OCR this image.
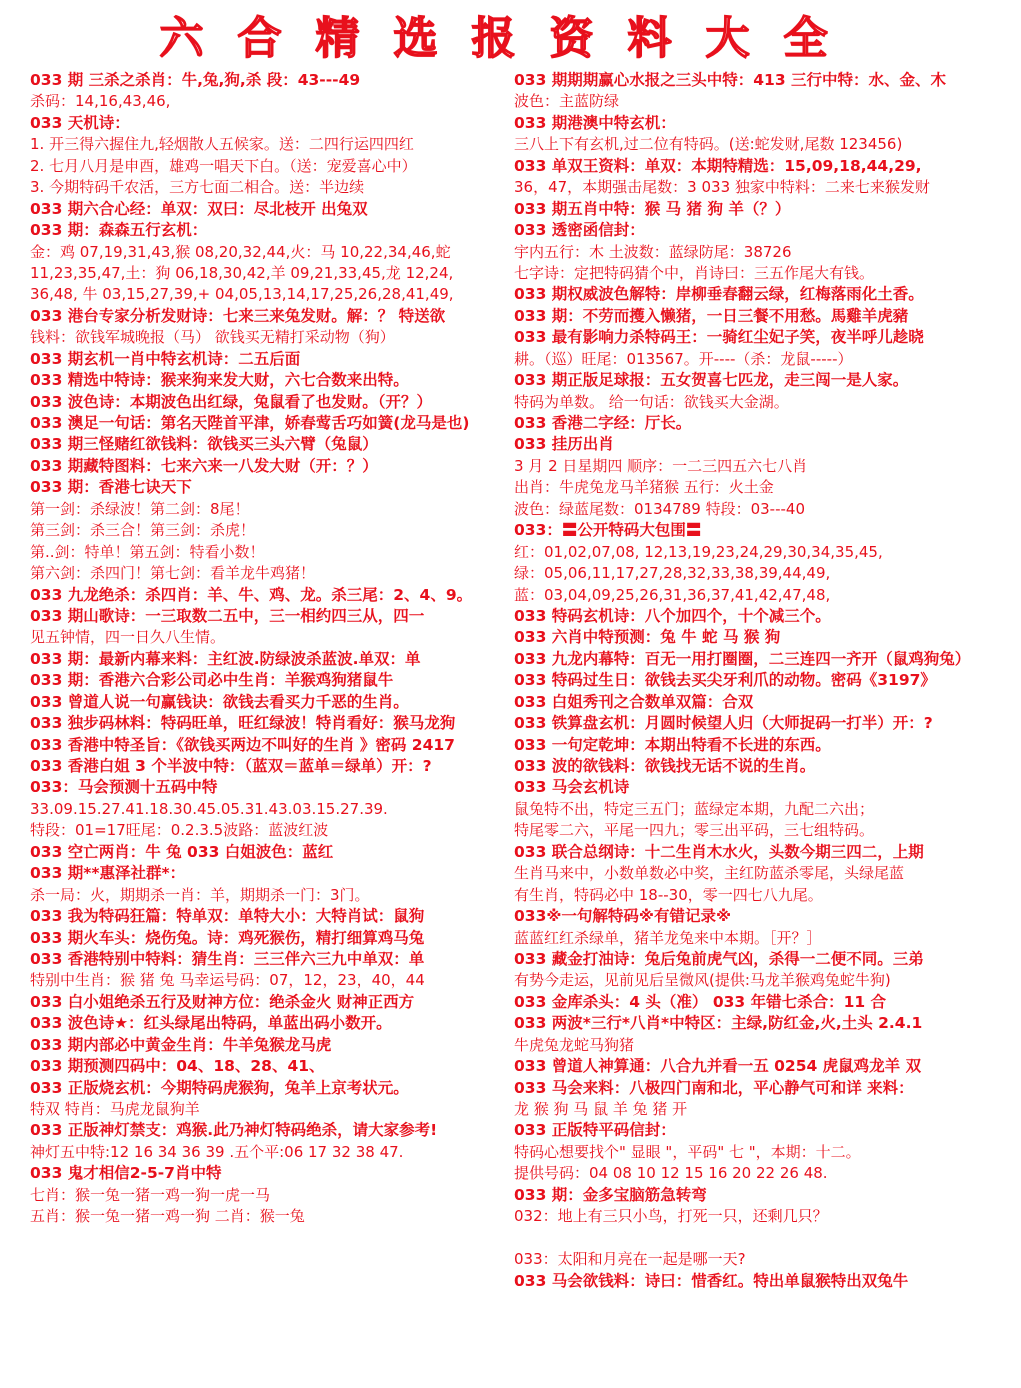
六合精选报资料大全
033 期 三杀之杀肖：牛,兔,狗,杀 段：43---49
杀码：14,16,43,46,
033 天机诗：
1. 开三得六握住九,轻烟散人五候家。送：二四行运四四红
2. 七月八月是申酉，雄鸡一唱天下白。（送：宠爱喜心中）
3. 今期特码千农活，三方七面二相合。送：半边续
033 期六合心经：单双：双曰：尽北枝开 出兔双
033 期：森森五行玄机：
金：鸡 07,19,31,43,猴 08,20,32,44,火：马 10,22,34,46,蛇
11,23,35,47,土：狗 06,18,30,42,羊 09,21,33,45,龙 12,24,
36,48, 牛 03,15,27,39,+ 04,05,13,14,17,25,26,28,41,49,
033 港台专家分析发财诗：七来三来兔发财。解：？ 特送欲
钱料：欲钱军城晚报（马） 欲钱买无精打采动物（狗）
033 期玄机一肖中特玄机诗：二五后面
033 精选中特诗：猴来狗来发大财，六七合数来出特。
033 波色诗：本期波色出红绿，兔鼠看了也发财。（开？）
033 澳足一句话：第名天陛首平津，娇春莺舌巧如簧(龙马是也)
033 期三怪赌红欲钱料：欲钱买三头六臂（兔鼠）
033 期藏特图料：七来六来一八发大财（开：？）
033 期：香港七诀天下
第一剑：杀绿波！第二剑：8尾！
第三剑：杀三合！第三剑：杀虎！
第..剑：特单！第五剑：特看小数！
第六剑：杀四门！第七剑：看羊龙牛鸡猪！
033 九龙绝杀：杀四肖：羊、牛、鸡、龙。杀三尾：2、4、9。
033 期山歌诗：一三取数二五中，三一相约四三从，四一
见五钟情，四一日久八生情。
033 期：最新内幕来料：主红波.防绿波杀蓝波.单双：单
033 期：香港六合彩公司必中生肖：羊猴鸡狗猪鼠牛
033 曾道人说一句赢钱诀：欲钱去看买力千恶的生肖。
033 独步码林料：特码旺单，旺红绿波！特肖看好：猴马龙狗
033 香港中特圣旨：《欲钱买两边不叫好的生肖 》密码 2417
033 香港白姐 3 个半波中特：（蓝双＝蓝单＝绿单）开：?
033：马会预测十五码中特
33.09.15.27.41.18.30.45.05.31.43.03.15.27.39.
特段：01=17旺尾：0.2.3.5波路：蓝波红波
033 空亡两肖：牛 兔 033 白姐波色：蓝红
033 期**惠泽社群*：
杀一局：火，期期杀一肖：羊，期期杀一门：3门。
033 我为特码狂篇：特单双：单特大小：大特肖试：鼠狗
033 期火车头：烧伤兔。诗：鸡死猴伤，精打细算鸡马兔
033 香港特别中特料：猜生肖：三三伴六三九中单双：单
特别中生肖：猴 猪 兔 马幸运号码：07，12，23，40，44
033 白小姐绝杀五行及财神方位：绝杀金火 财神正西方
033 波色诗★：红头绿尾出特码，单蓝出码小数开。
033 期内部必中黄金生肖：牛羊兔猴龙马虎
033 期预测四码中：04、18、28、41、
033 正版烧玄机：今期特码虎猴狗，兔羊上京考状元。
特双 特肖：马虎龙鼠狗羊
033 正版神灯禁支：鸡猴.此乃神灯特码绝杀，请大家参考!
神灯五中特:12 16 34 36 39 .五个平:06 17 32 38 47.
033 鬼才相信2-5-7肖中特
七肖：猴一兔一猪一鸡一狗一虎一马
五肖：猴一兔一猪一鸡一狗 二肖：猴一兔
033 期期期赢心水报之三头中特：413 三行中特：水、金、木
波色：主蓝防绿
033 期港澳中特玄机：
三八上下有玄机,过二位有特码。(送:蛇发财,尾数 123456)
033 单双王资料：单双：本期特精选：15,09,18,44,29,
36，47，本期强击尾数：3 033 独家中特料：二来七来猴发财
033 期五肖中特：猴 马 猪 狗 羊（？）
033 透密函信封：
宇内五行：木 土波数：蓝绿防尾：38726
七字诗：定把特码猜个中，肖诗曰：三五作尾大有钱。
033 期权威波色解特：岸柳垂春翻云绿，红梅落雨化土香。
033 期：不劳而擭入懒猪，一日三餐不用愁。馬雞羊虎豬
033 最有影响力杀特码王：一骑红尘妃子笑，夜半呼儿趁晓
耕。（巡）旺尾：013567。开----（杀：龙鼠-----）
033 期正版足球报：五女贺喜七匹龙，走三闯一是人家。
特码为单数。 给一句话：欲钱买大金湖。
033 香港二字经：厅长。
033 挂历出肖
3 月 2 日星期四 顺序：一二三四五六七八肖
出肖：牛虎兔龙马羊猪猴 五行：火土金
波色：绿蓝尾数：0134789 特段：03---40
033：〓公开特码大包围〓
红：01,02,07,08, 12,13,19,23,24,29,30,34,35,45,
绿：05,06,11,17,27,28,32,33,38,39,44,49,
蓝：03,04,09,25,26,31,36,37,41,42,47,48,
033 特码玄机诗：八个加四个，十个减三个。
033 六肖中特预测：兔 牛 蛇 马 猴 狗
033 九龙内幕特：百无一用打圈圈，二三连四一齐开（鼠鸡狗兔）
033 特码过生日：欲钱去买尖牙利爪的动物。密码《3197》
033 白姐秀刊之合数单双篇：合双
033 铁算盘玄机：月圆时候望人归（大师捉码一打半）开：?
033 一句定乾坤：本期出特看不长进的东西。
033 波的欲钱料：欲钱找无话不说的生肖。
033 马会玄机诗
鼠兔特不出，特定三五门；蓝绿定本期，九配二六出；
特尾零二六，平尾一四九；零三出平码，三七组特码。
033 联合总纲诗：十二生肖木水火，头数今期三四二，上期
生肖马来中，小数单数必中奖，主红防蓝杀零尾，头绿尾蓝
有生肖，特码必中 18--30，零一四七八九尾。
033※一句解特码※有错记录※
蓝蓝红红杀绿单，猪羊龙兔来中本期。［开？］
033 藏金打油诗：兔后兔前虎气凶，杀得一二便不同。三弟
有势今走运，见前见后呈微风(提供:马龙羊猴鸡兔蛇牛狗)
033 金库杀头：4 头（准） 033 年错七杀合：11 合
033 两波*三行*八肖*中特区：主绿,防红金,火,土头 2.4.1
牛虎兔龙蛇马狗猪
033 曾道人神算通：八合九并看一五 0254 虎鼠鸡龙羊 双
033 马会来料：八极四门南和北，平心静气可和详 来料：
龙 猴 狗 马 鼠 羊 兔 猪 开
033 正版特平码信封：
特码心想要找个" 显眼 "，平码" 七 "，本期：十二。
提供号码：04 08 10 12 15 16 20 22 26 48.
033 期：金多宝脑筋急转弯
032：地上有三只小鸟，打死一只，还剩几只？
033：太阳和月亮在一起是哪一天?
033 马会欲钱料：诗曰：惜香红。特出单鼠猴特出双兔牛
